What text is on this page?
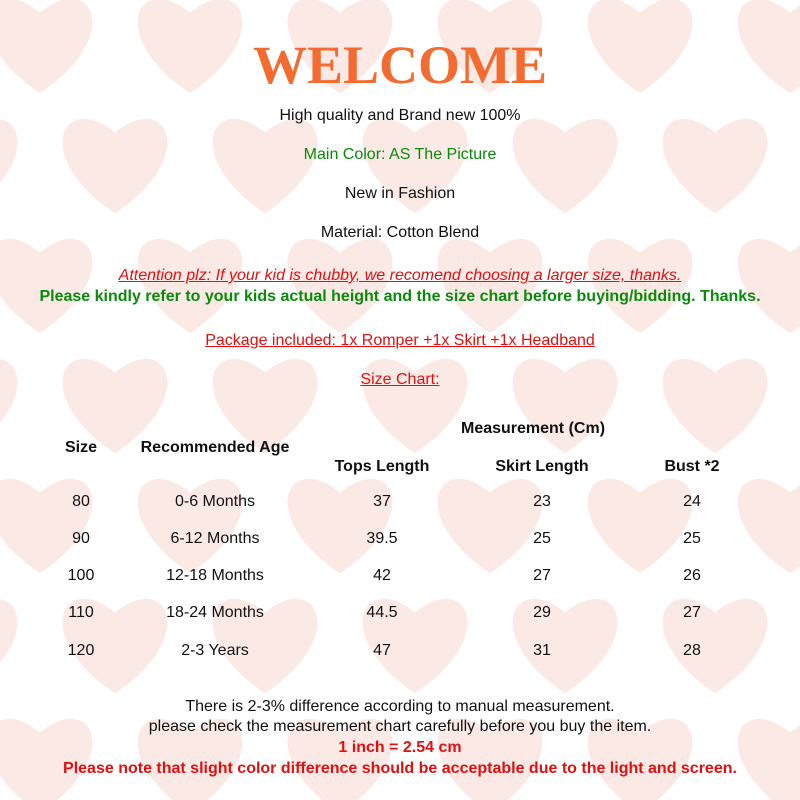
WELCOME
High quality and Brand new 100%
Main Color: AS The Picture
New in Fashion
Material: Cotton Blend
Attention plz: If your kid is chubby, we recomend choosing a larger size, thanks.
Please kindly refer to your kids actual height and the size chart before buying/bidding. Thanks.
Package included: 1x Romper +1x Skirt +1x Headband
Size Chart:
Measurement (Cm)
Size	Recommended Age
Tops Length	Skirt Length	Bust *2
80	0-6 Months	37	23	24
90	6-12 Months	39.5	25	25
100	12-18 Months	42	27	26
110	18-24 Months	44.5	29	27
120	2-3 Years	47	31	28
There is 2-3% difference according to manual measurement.
please check the measurement chart carefully before you buy the item.
1 inch = 2.54 cm
Please note that slight color difference should be acceptable due to the light and screen.
